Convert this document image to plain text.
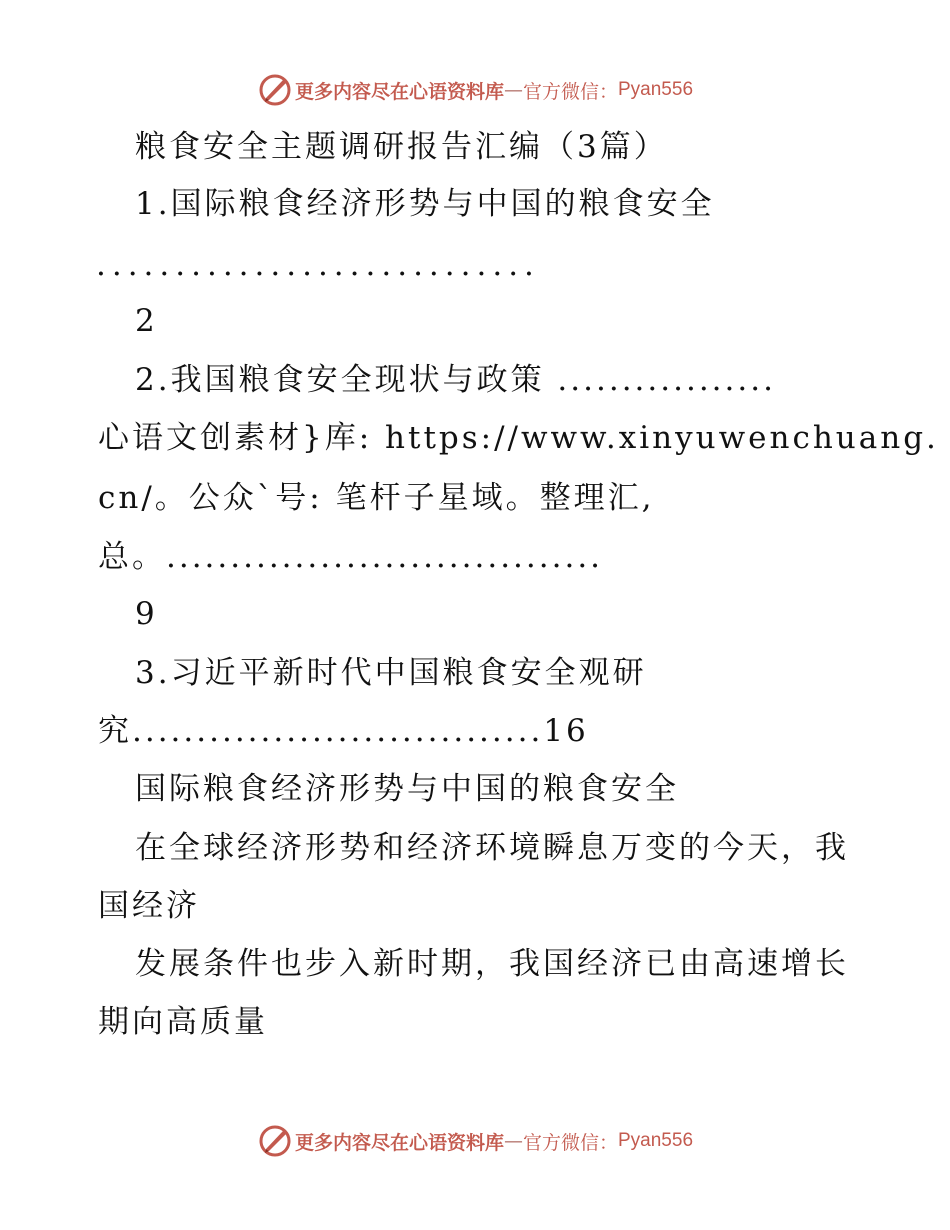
更多内容尽在心语资料库 — 官方微信： Pyan556
粮食安全主题调研报告汇编（3篇）
1.国际粮食经济形势与中国的粮食安全
............................
2
2.我国粮食安全现状与政策 .................
心语文创素材}库: https://www.xinyuwenchuang.
cn/。公众`号: 笔杆子星域。整理汇,
总。..................................
9
3.习近平新时代中国粮食安全观研
究................................16
国际粮食经济形势与中国的粮食安全
在全球经济形势和经济环境瞬息万变的今天，我
国经济
发展条件也步入新时期，我国经济已由高速增长
期向高质量
更多内容尽在心语资料库 — 官方微信： Pyan556
